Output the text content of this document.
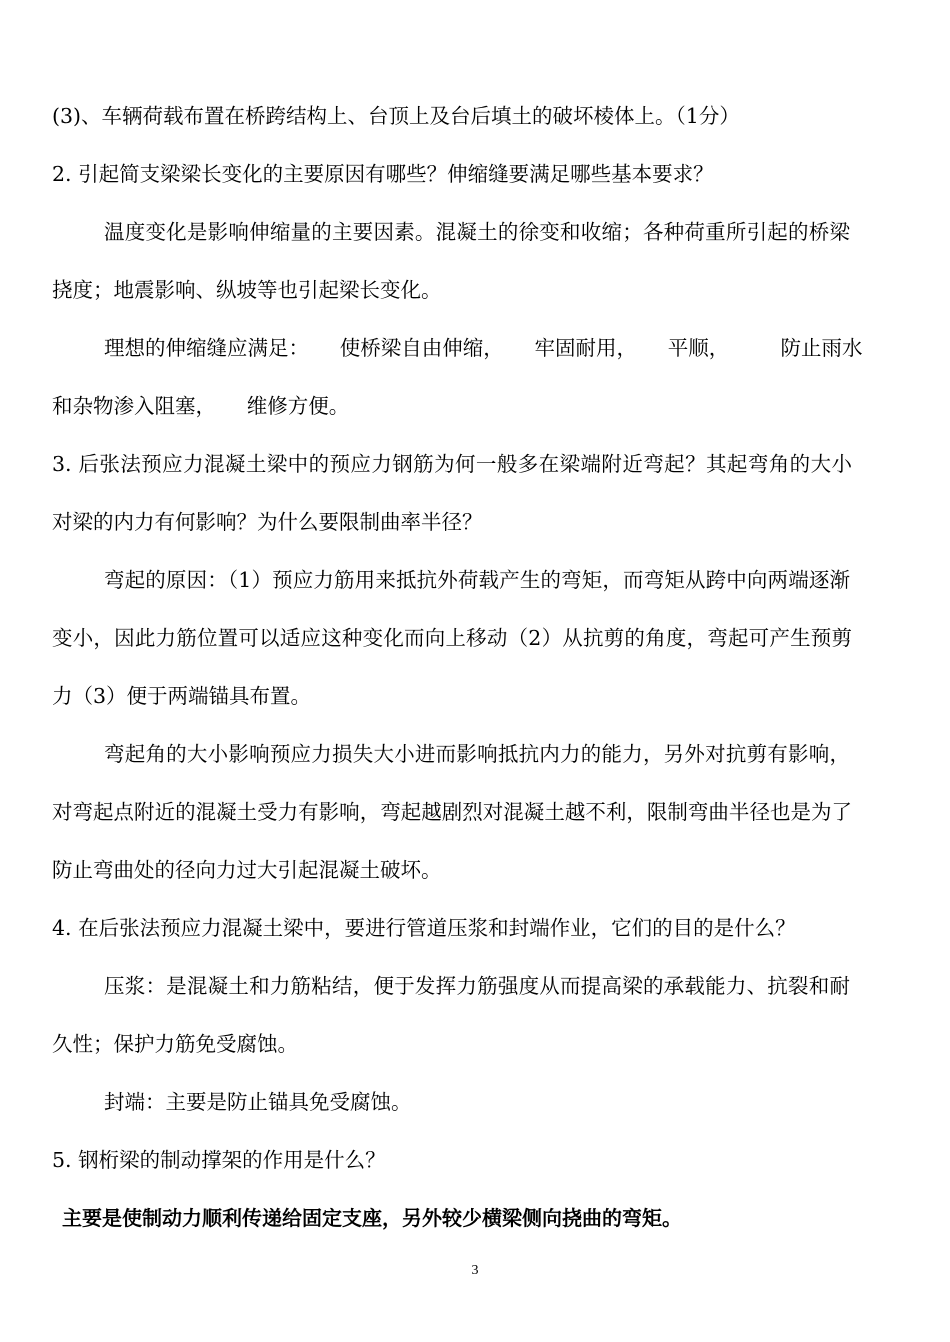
(3)、车辆荷载布置在桥跨结构上、台顶上及台后填土的破坏棱体上。（1分）
2. 引起简支梁梁长变化的主要原因有哪些？伸缩缝要满足哪些基本要求？
温度变化是影响伸缩量的主要因素。混凝土的徐变和收缩；各种荷重所引起的桥梁
挠度；地震影响、纵坡等也引起梁长变化。
理想的伸缩缝应满足：　　使桥梁自由伸缩，　　牢固耐用，　　平顺，　　　防止雨水
和杂物渗入阻塞，　　维修方便。
3. 后张法预应力混凝土梁中的预应力钢筋为何一般多在梁端附近弯起？其起弯角的大小
对梁的内力有何影响？为什么要限制曲率半径？
弯起的原因：（1）预应力筋用来抵抗外荷载产生的弯矩，而弯矩从跨中向两端逐渐
变小，因此力筋位置可以适应这种变化而向上移动（2）从抗剪的角度，弯起可产生预剪
力（3）便于两端锚具布置。
弯起角的大小影响预应力损失大小进而影响抵抗内力的能力，另外对抗剪有影响，
对弯起点附近的混凝土受力有影响，弯起越剧烈对混凝土越不利，限制弯曲半径也是为了
防止弯曲处的径向力过大引起混凝土破坏。
4. 在后张法预应力混凝土梁中，要进行管道压浆和封端作业，它们的目的是什么？
压浆：是混凝土和力筋粘结，便于发挥力筋强度从而提高梁的承载能力、抗裂和耐
久性；保护力筋免受腐蚀。
封端：主要是防止锚具免受腐蚀。
5. 钢桁梁的制动撑架的作用是什么？
主要是使制动力顺利传递给固定支座，另外较少横梁侧向挠曲的弯矩。
3
